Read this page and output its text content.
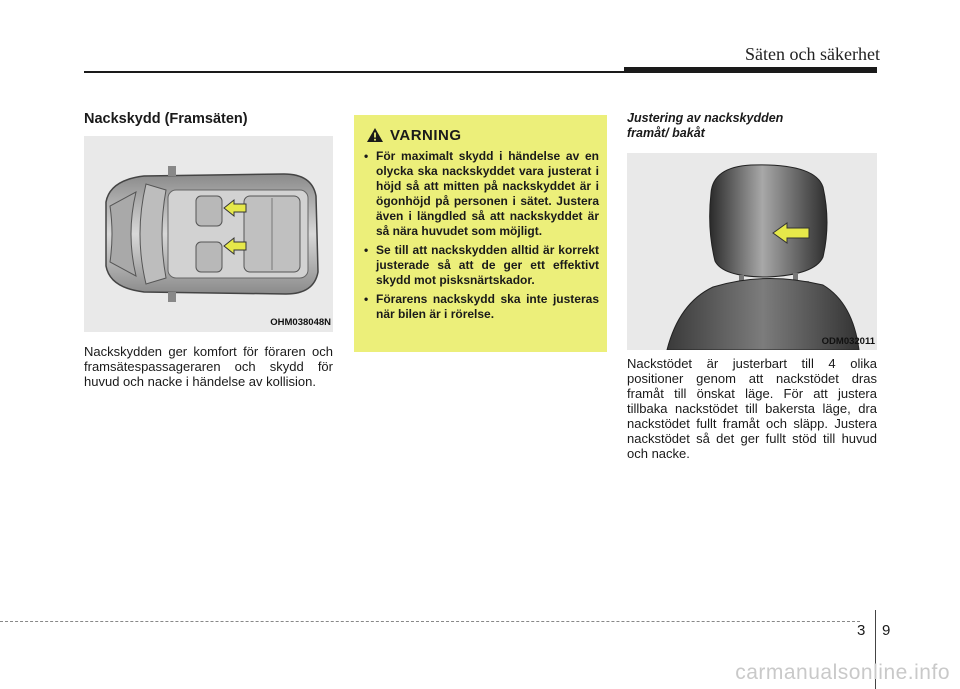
Säten och säkerhet
Nackskydd (Framsäten)
OHM038048N
Nackskydden ger komfort för föraren och framsätespassageraren och skydd för huvud och nacke i händelse av kollision.
VARNING
• För maximalt skydd i händelse av en olycka ska nackskyddet vara justerat i höjd så att mitten på nackskyddet är i ögonhöjd på personen i sätet. Justera även i längdled så att nackskyddet är så nära huvudet som möjligt.
• Se till att nackskydden alltid är korrekt justerade så att de ger ett effektivt skydd mot pisksnärtskador.
• Förarens nackskydd ska inte justeras när bilen är i rörelse.
Justering av nackskydden
framåt/ bakåt
ODM032011
Nackstödet är justerbart till 4 olika positioner genom att nackstödet dras framåt till önskat läge. För att justera tillbaka nackstödet till bakersta läge, dra nackstödet fullt framåt och släpp. Justera nackstödet så det ger fullt stöd till huvud och nacke.
3 9
carmanualsonline.info
